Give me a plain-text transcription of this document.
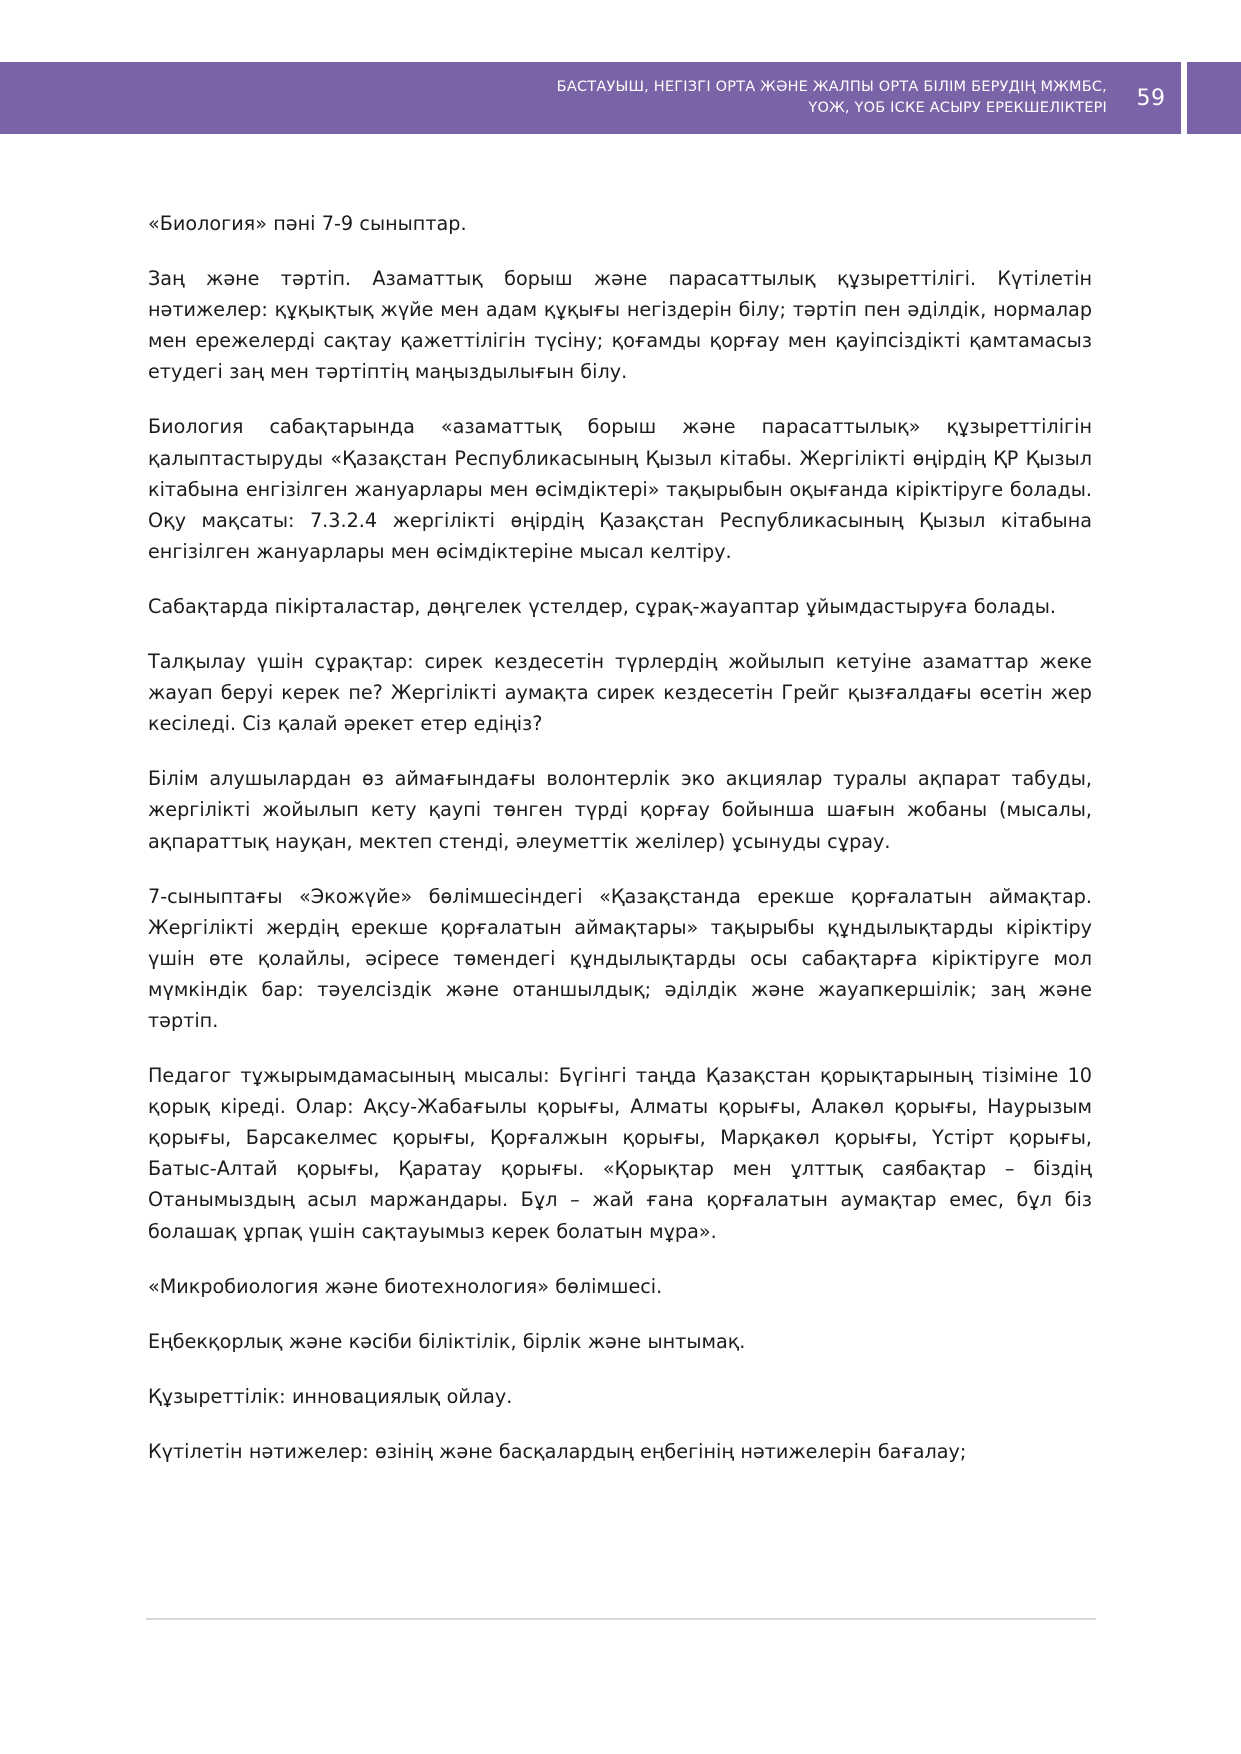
БАСТАУЫШ, НЕГІЗГІ ОРТА ЖӘНЕ ЖАЛПЫ ОРТА БІЛІМ БЕРУДІҢ МЖМБС,
ҮОЖ, ҮОБ ІСКЕ АСЫРУ ЕРЕКШЕЛІКТЕРІ 59

«Биология» пәні 7-9 сыныптар.

Заң және тәртіп. Азаматтық борыш және парасаттылық құзыреттілігі. Күтілетін нәтижелер: құқықтық жүйе мен адам құқығы негіздерін білу; тәртіп пен әділдік, нормалар мен ережелерді сақтау қажеттілігін түсіну; қоғамды қорғау мен қауіпсіздікті қамтамасыз етудегі заң мен тәртіптің маңыздылығын білу.

Биология сабақтарында «азаматтық борыш және парасаттылық» құзыреттілігін қалыптастыруды «Қазақстан Республикасының Қызыл кітабы. Жергілікті өңірдің ҚР Қызыл кітабына енгізілген жануарлары мен өсімдіктері» тақырыбын оқығанда кіріктіруге болады. Оқу мақсаты: 7.3.2.4 жергілікті өңірдің Қазақстан Республикасының Қызыл кітабына енгізілген жануарлары мен өсімдіктеріне мысал келтіру.

Сабақтарда пікірталастар, дөңгелек үстелдер, сұрақ-жауаптар ұйымдастыруға болады.

Талқылау үшін сұрақтар: сирек кездесетін түрлердің жойылып кетуіне азаматтар жеке жауап беруі керек пе? Жергілікті аумақта сирек кездесетін Грейг қызғалдағы өсетін жер кесіледі. Сіз қалай әрекет етер едіңіз?

Білім алушылардан өз аймағындағы волонтерлік эко акциялар туралы ақпарат табуды, жергілікті жойылып кету қаупі төнген түрді қорғау бойынша шағын жобаны (мысалы, ақпараттық науқан, мектеп стенді, әлеуметтік желілер) ұсынуды сұрау.

7-сыныптағы «Экожүйе» бөлімшесіндегі «Қазақстанда ерекше қорғалатын аймақтар. Жергілікті жердің ерекше қорғалатын аймақтары» тақырыбы құндылықтарды кіріктіру үшін өте қолайлы, әсіресе төмендегі құндылықтарды осы сабақтарға кіріктіруге мол мүмкіндік бар: тәуелсіздік және отаншылдық; әділдік және жауапкершілік; заң және тәртіп.

Педагог тұжырымдамасының мысалы: Бүгінгі таңда Қазақстан қорықтарының тізіміне 10 қорық кіреді. Олар: Ақсу-Жабағылы қорығы, Алматы қорығы, Алакөл қорығы, Наурызым қорығы, Барсакелмес қорығы, Қорғалжын қорығы, Марқакөл қорығы, Үстірт қорығы, Батыс-Алтай қорығы, Қаратау қорығы. «Қорықтар мен ұлттық саябақтар – біздің Отанымыздың асыл маржандары. Бұл – жай ғана қорғалатын аумақтар емес, бұл біз болашақ ұрпақ үшін сақтауымыз керек болатын мұра».

«Микробиология және биотехнология» бөлімшесі.

Еңбекқорлық және кәсіби біліктілік, бірлік және ынтымақ.

Құзыреттілік: инновациялық ойлау.

Күтілетін нәтижелер: өзінің және басқалардың еңбегінің нәтижелерін бағалау;
